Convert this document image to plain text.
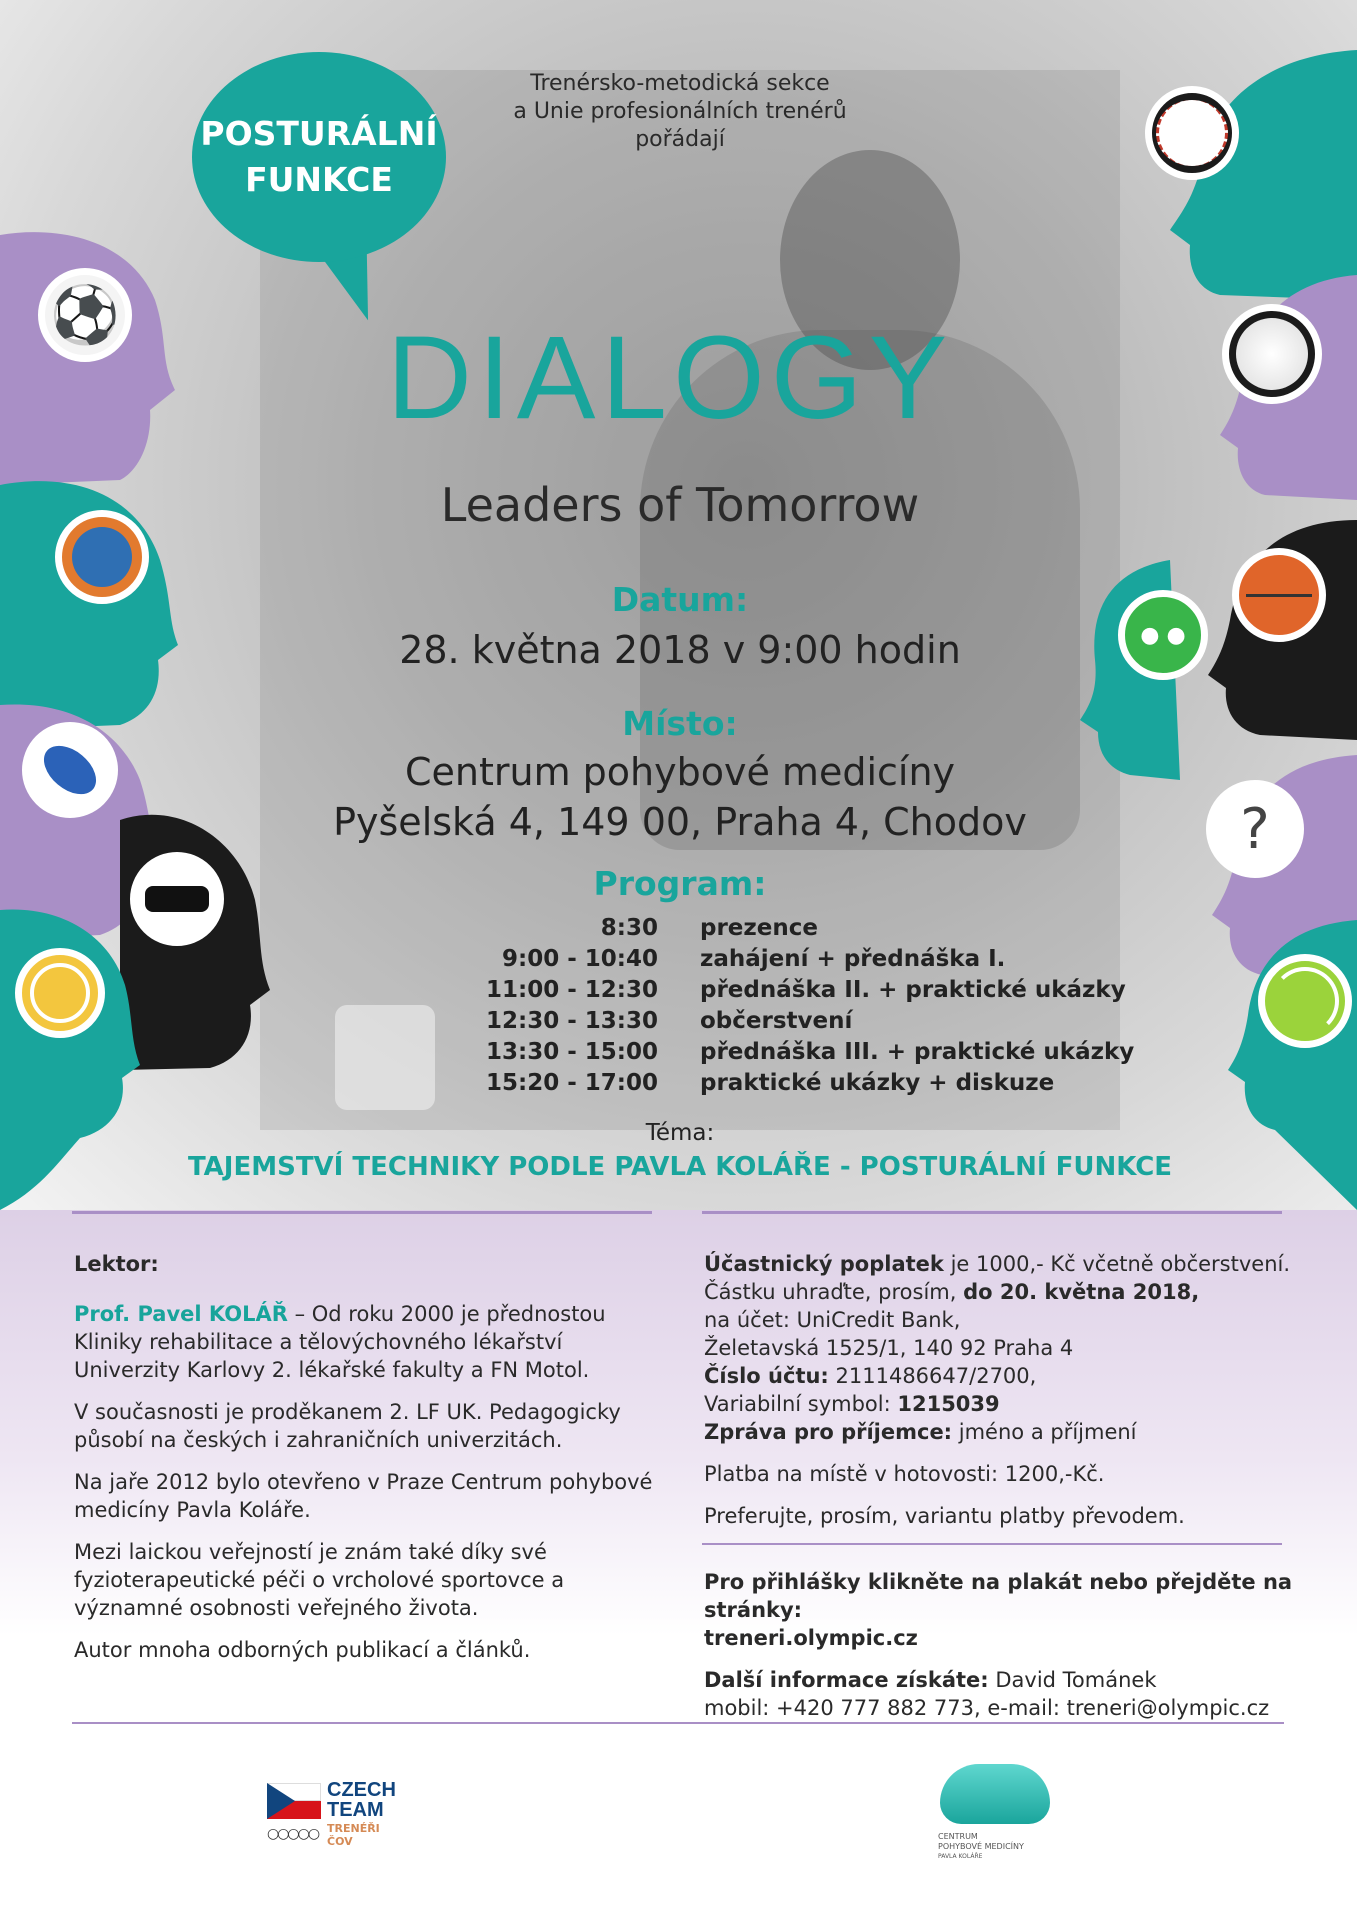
⚽
● ●
?
POSTURÁLNÍ
FUNKCE
Trenérsko-metodická sekce
a Unie profesionálních trenérů
pořádají
DIALOGY
Leaders of Tomorrow
Datum:
28. května 2018 v 9:00 hodin
Místo:
Centrum pohybové medicíny
Pyšelská 4, 149 00, Praha 4, Chodov
Program:
8:30 prezence
9:00 - 10:40 zahájení + přednáška I.
11:00 - 12:30 přednáška II. + praktické ukázky
12:30 - 13:30 občerstvení
13:30 - 15:00 přednáška III. + praktické ukázky
15:20 - 17:00 praktické ukázky + diskuze
Téma:
TAJEMSTVÍ TECHNIKY PODLE PAVLA KOLÁŘE - POSTURÁLNÍ FUNKCE

Lektor:

Prof. Pavel KOLÁŘ – Od roku 2000 je přednostou Kliniky rehabilitace a tělovýchovného lékařství Univerzity Karlovy 2. lékařské fakulty a FN Motol.

V současnosti je proděkanem 2. LF UK. Pedagogicky působí na českých i zahraničních univerzitách.

Na jaře 2012 bylo otevřeno v Praze Centrum pohybové medicíny Pavla Koláře.

Mezi laickou veřejností je znám také díky své fyzioterapeutické péči o vrcholové sportovce a významné osobnosti veřejného života.

Autor mnoha odborných publikací a článků.

Účastnický poplatek je 1000,- Kč včetně občerstvení.
Částku uhraďte, prosím, do 20. května 2018,
na účet: UniCredit Bank,
Želetavská 1525/1, 140 92 Praha 4
Číslo účtu: 2111486647/2700,
Variabilní symbol: 1215039
Zpráva pro příjemce: jméno a příjmení

Platba na místě v hotovosti: 1200,-Kč.

Preferujte, prosím, variantu platby převodem.

Pro přihlášky klikněte na plakát nebo přejděte na stránky:
treneri.olympic.cz
Další informace získáte: David Tománek
mobil: +420 777 882 773, e-mail: treneri@olympic.cz
CZECH
TEAM
○○○○○ TRENÉŘI
ČOV	CENTRUM
POHYBOVÉ MEDICÍNY
PAVLA KOLÁŘE
